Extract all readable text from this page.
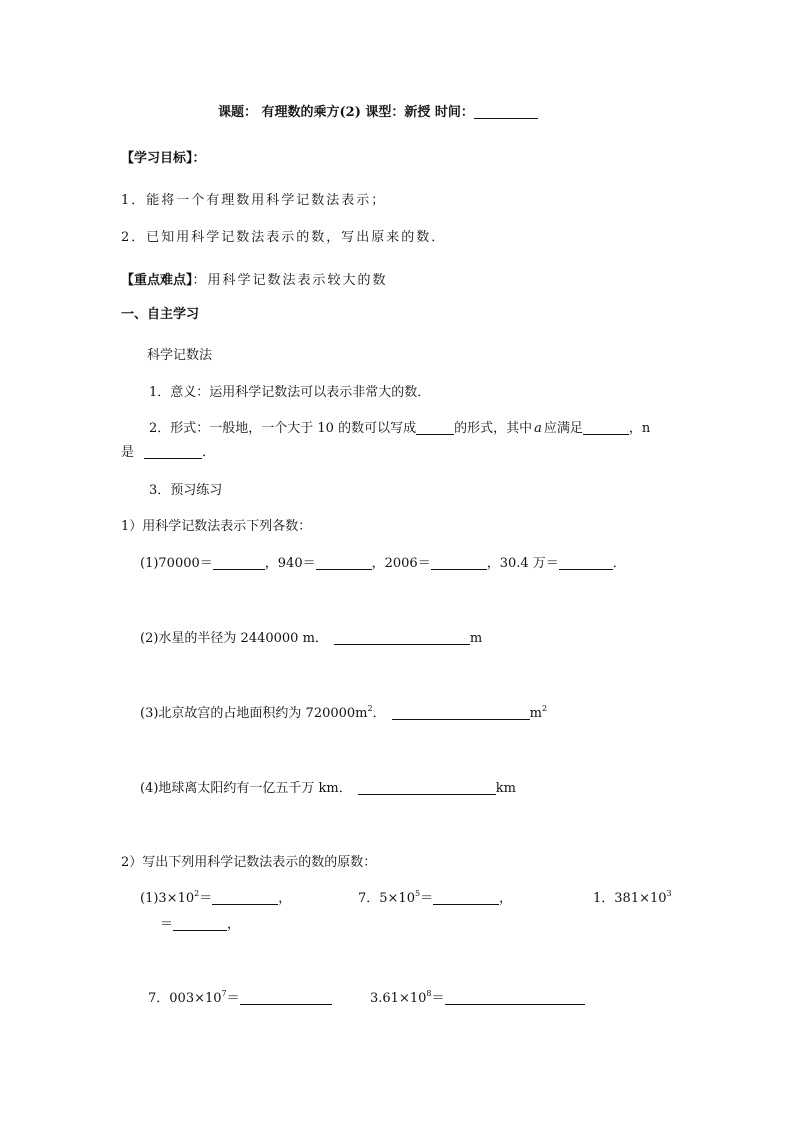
课题： 有理数的乘方(2) 课型：新授 时间：
【学习目标】：
1．能将一个有理数用科学记数法表示；
2．已知用科学记数法表示的数，写出原来的数．
【重点难点】：用科学记数法表示较大的数
一、自主学习
科学记数法
1．意义：运用科学记数法可以表示非常大的数．
2．形式：一般地，一个大于 10 的数可以写成	的形式，其中 a 应满足	，n
是	．
3．预习练习
1）用科学记数法表示下列各数：
(1)70000＝	，940＝	，2006＝	，30.4 万＝	．
(2)水星的半径为 2440000 m．	m
(3)北京故宫的占地面积约为 $720000m^2$．	$m^2$
(4)地球离太阳约有一亿五千万 km．	km
2）写出下列用科学记数法表示的数的原数：
$(1)3\times 10^2=$	，	7．$5\times 10^5=$	，	1．$381\times 10^3$
＝	，
7．$003\times 10^7=$	$3.61\times 10^8=$
